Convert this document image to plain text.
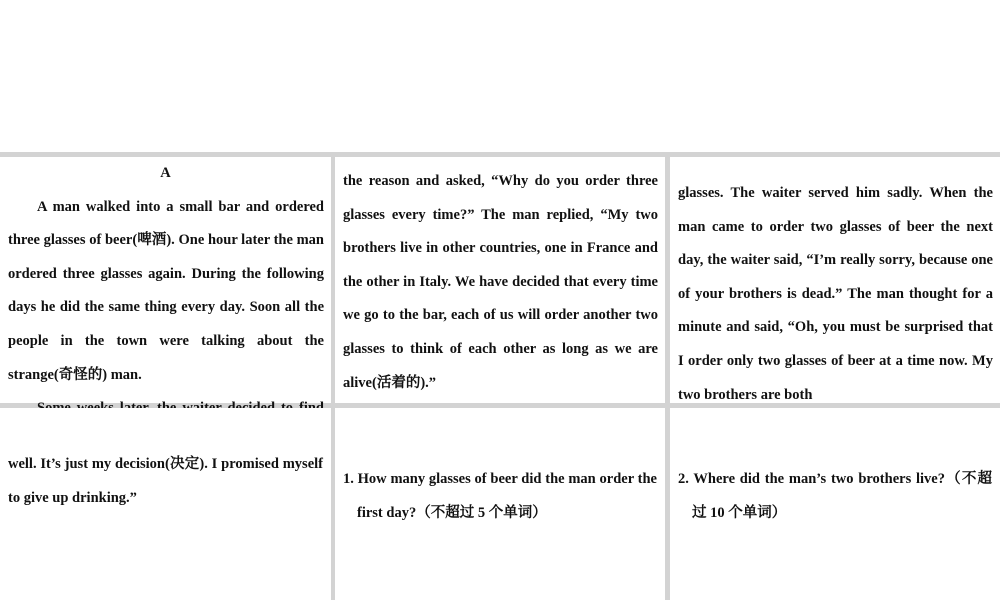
A

A man walked into a small bar and ordered three glasses of beer(啤酒). One hour later the man ordered three glasses again. During the following days he did the same thing every day. Soon all the people in the town were talking about the strange(奇怪的) man.

the reason and asked, “Why do you order three glasses every time?” The man replied, “My two brothers live in other countries, one in France and the other in Italy. We have decided that every time we go to the bar, each of us will order another two glasses to think of each other as long as we are alive(活着的).”

glasses. The waiter served him sadly. When the man came to order two glasses of beer the next day, the waiter said, “I’m really sorry, because one of your brothers is dead.” The man thought for a minute and said, “Oh, you must be surprised that I order only two glasses of beer at a time now. My two brothers are both

well. It’s just my decision(决定). I promised myself to give up drinking.”

1. How many glasses of beer did the man order the first day?（不超过 5 个单词）

2. Where did the man’s two brothers live?（不超过 10 个单词）
